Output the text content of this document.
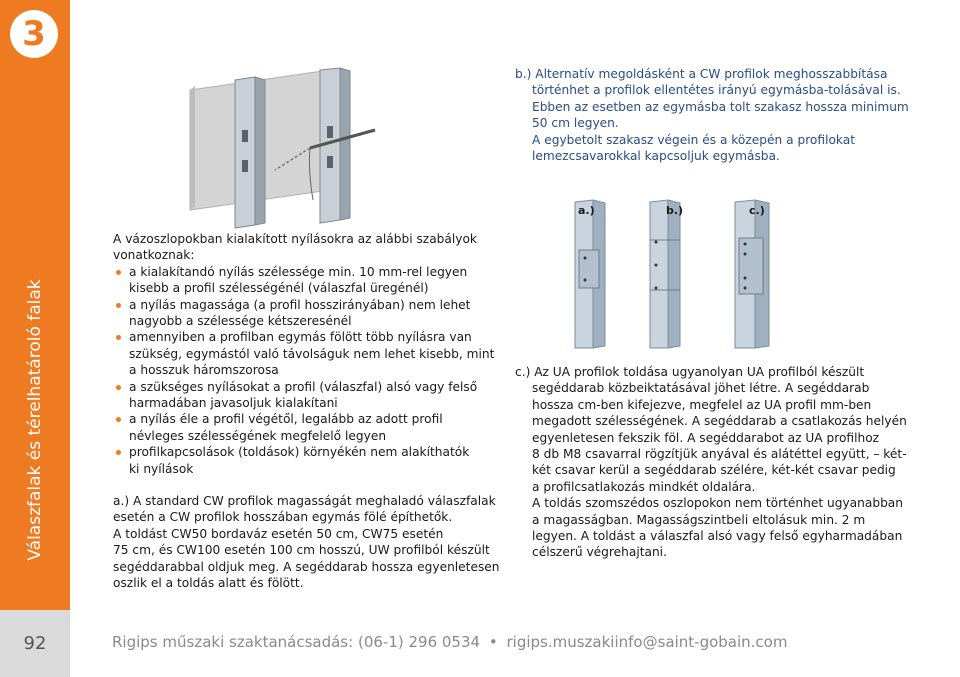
3
Válaszfalak és térelhatároló falak
a.)	b.)	c.)
b.) Alternatív megoldásként a CW profilok meghosszabbítása
történhet a profilok ellentétes irányú egymásba-tolásával is.
Ebben az esetben az egymásba tolt szakasz hossza minimum
50 cm legyen.
A egybetolt szakasz végein és a közepén a profilokat
lemezcsavarokkal kapcsoljuk egymásba.
A vázoszlopokban kialakított nyílásokra az alábbi szabályok
vonatkoznak:
a kialakítandó nyílás szélessége min. 10 mm-rel legyen
kisebb a profil szélességénél (válaszfal üregénél)
a nyílás magassága (a profil hosszirányában) nem lehet
nagyobb a szélessége kétszeresénél
amennyiben a profilban egymás fölött több nyílásra van
szükség, egymástól való távolságuk nem lehet kisebb, mint
a hosszuk háromszorosa
a szükséges nyílásokat a profil (válaszfal) alsó vagy felső
harmadában javasoljuk kialakítani
a nyílás éle a profil végétől, legalább az adott profil
névleges szélességének megfelelő legyen
profilkapcsolások (toldások) környékén nem alakíthatók
ki nyílások
a.) A standard CW profilok magasságát meghaladó válaszfalak
esetén a CW profilok hosszában egymás fölé építhetők.
A toldást CW50 bordaváz esetén 50 cm, CW75 esetén
75 cm, és CW100 esetén 100 cm hosszú, UW profilból készült
segéddarabbal oldjuk meg. A segéddarab hossza egyenletesen
oszlik el a toldás alatt és fölött.
c.) Az UA profilok toldása ugyanolyan UA profilból készült
segéddarab közbeiktatásával jöhet létre. A segéddarab
hossza cm-ben kifejezve, megfelel az UA profil mm-ben
megadott szélességének. A segéddarab a csatlakozás helyén
egyenletesen fekszik föl. A segéddarabot az UA profilhoz
8 db M8 csavarral rögzítjük anyával és alátéttel együtt, – két-
két csavar kerül a segéddarab szélére, két-két csavar pedig
a profilcsatlakozás mindkét oldalára.
A toldás szomszédos oszlopokon nem történhet ugyanabban
a magasságban. Magasságszintbeli eltolásuk min. 2 m
legyen. A toldást a válaszfal alsó vagy felső egyharmadában
célszerű végrehajtani.
92	Rigips műszaki szaktanácsadás: (06-1) 296 0534 • rigips.muszakiinfo@saint-gobain.com
